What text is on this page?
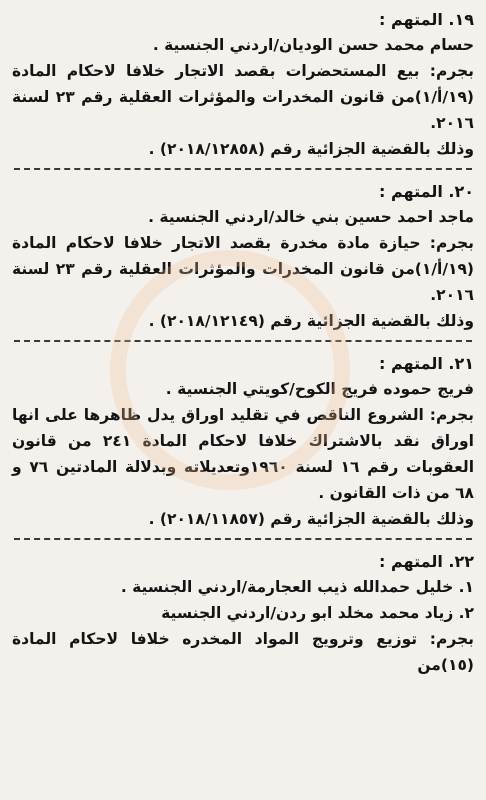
١٩. المتهم :

حسام محمد حسن الوديان/اردني الجنسية .

بجرم: بيع المستحضرات بقصد الاتجار خلافا لاحكام المادة (١٩/أ/١)من قانون المخدرات والمؤثرات العقلية رقم ٢٣ لسنة ٢٠١٦.

وذلك بالقضية الجزائية رقم (٢٠١٨/١٢٨٥٨) .

٢٠. المتهم :

ماجد احمد حسين بني خالد/اردني الجنسية .

بجرم: حيازة مادة مخدرة بقصد الاتجار خلافا لاحكام المادة (١٩/أ/١)من قانون المخدرات والمؤثرات العقلية رقم ٢٣ لسنة ٢٠١٦.

وذلك بالقضية الجزائية رقم (٢٠١٨/١٢١٤٩) .

٢١. المتهم :

فريج حموده فريج الكوح/كويتي الجنسية .

بجرم: الشروع الناقص في تقليد اوراق يدل ظاهرها على انها اوراق نقد بالاشتراك خلافا لاحكام المادة ٢٤١ من قانون العقوبات رقم ١٦ لسنة ١٩٦٠وتعديلاته وبدلالة المادتين ٧٦ و ٦٨ من ذات القانون .

وذلك بالقضية الجزائية رقم (٢٠١٨/١١٨٥٧) .

٢٢. المتهم :

١. خليل حمدالله ذيب العجارمة/اردني الجنسية .

٢. زياد محمد مخلد ابو ردن/اردني الجنسية

بجرم: توزيع وترويج المواد المخدره خلافا لاحكام المادة (١٥)من
